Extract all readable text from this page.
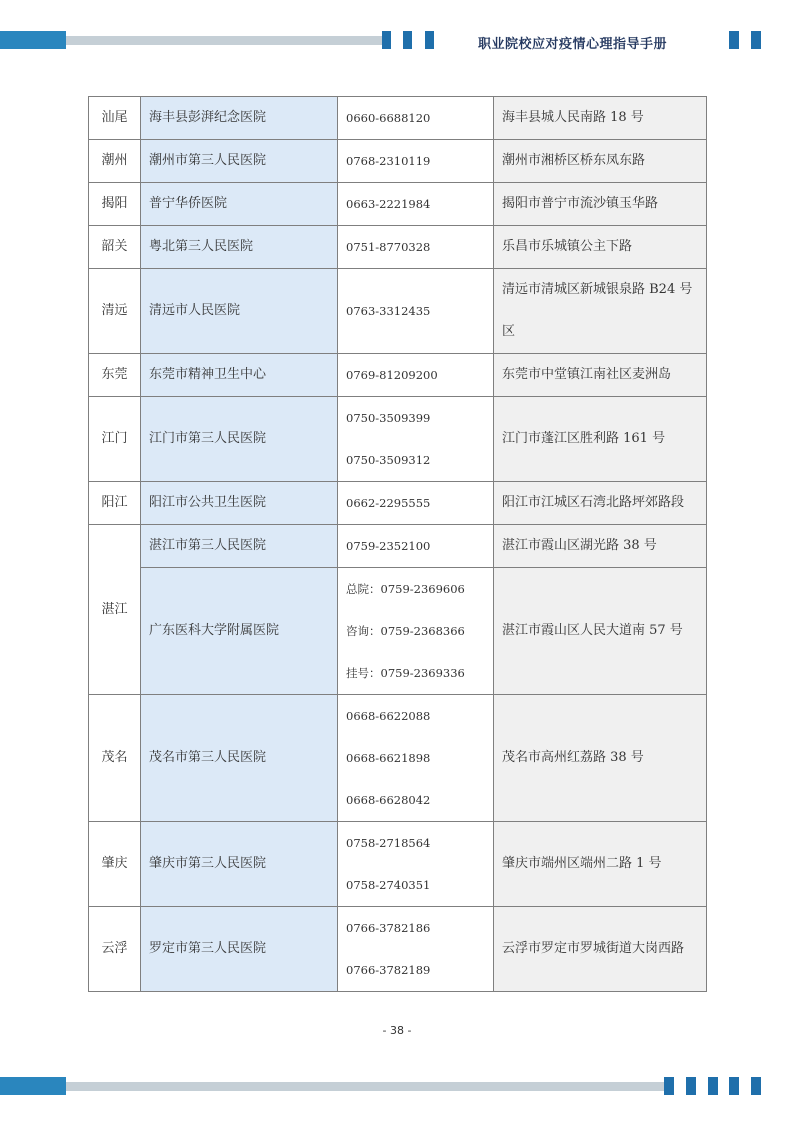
职业院校应对疫情心理指导手册
汕尾	海丰县彭湃纪念医院	0660-6688120	海丰县城人民南路 18 号
潮州	潮州市第三人民医院	0768-2310119	潮州市湘桥区桥东凤东路
揭阳	普宁华侨医院	0663-2221984	揭阳市普宁市流沙镇玉华路
韶关	粤北第三人民医院	0751-8770328	乐昌市乐城镇公主下路
清远	清远市人民医院	0763-3312435	清远市清城区新城银泉路 B24 号区
东莞	东莞市精神卫生中心	0769-81209200	东莞市中堂镇江南社区麦洲岛
江门	江门市第三人民医院	0750-3509399
0750-3509312	江门市蓬江区胜利路 161 号
阳江	阳江市公共卫生医院	0662-2295555	阳江市江城区石湾北路坪郊路段
湛江	湛江市第三人民医院	0759-2352100	湛江市霞山区湖光路 38 号
	广东医科大学附属医院	总院：0759-2369606
咨询：0759-2368366
挂号：0759-2369336	湛江市霞山区人民大道南 57 号
茂名	茂名市第三人民医院	0668-6622088
0668-6621898
0668-6628042	茂名市高州红荔路 38 号
肇庆	肇庆市第三人民医院	0758-2718564
0758-2740351	肇庆市端州区端州二路 1 号
云浮	罗定市第三人民医院	0766-3782186
0766-3782189	云浮市罗定市罗城街道大岗西路
- 38 -
